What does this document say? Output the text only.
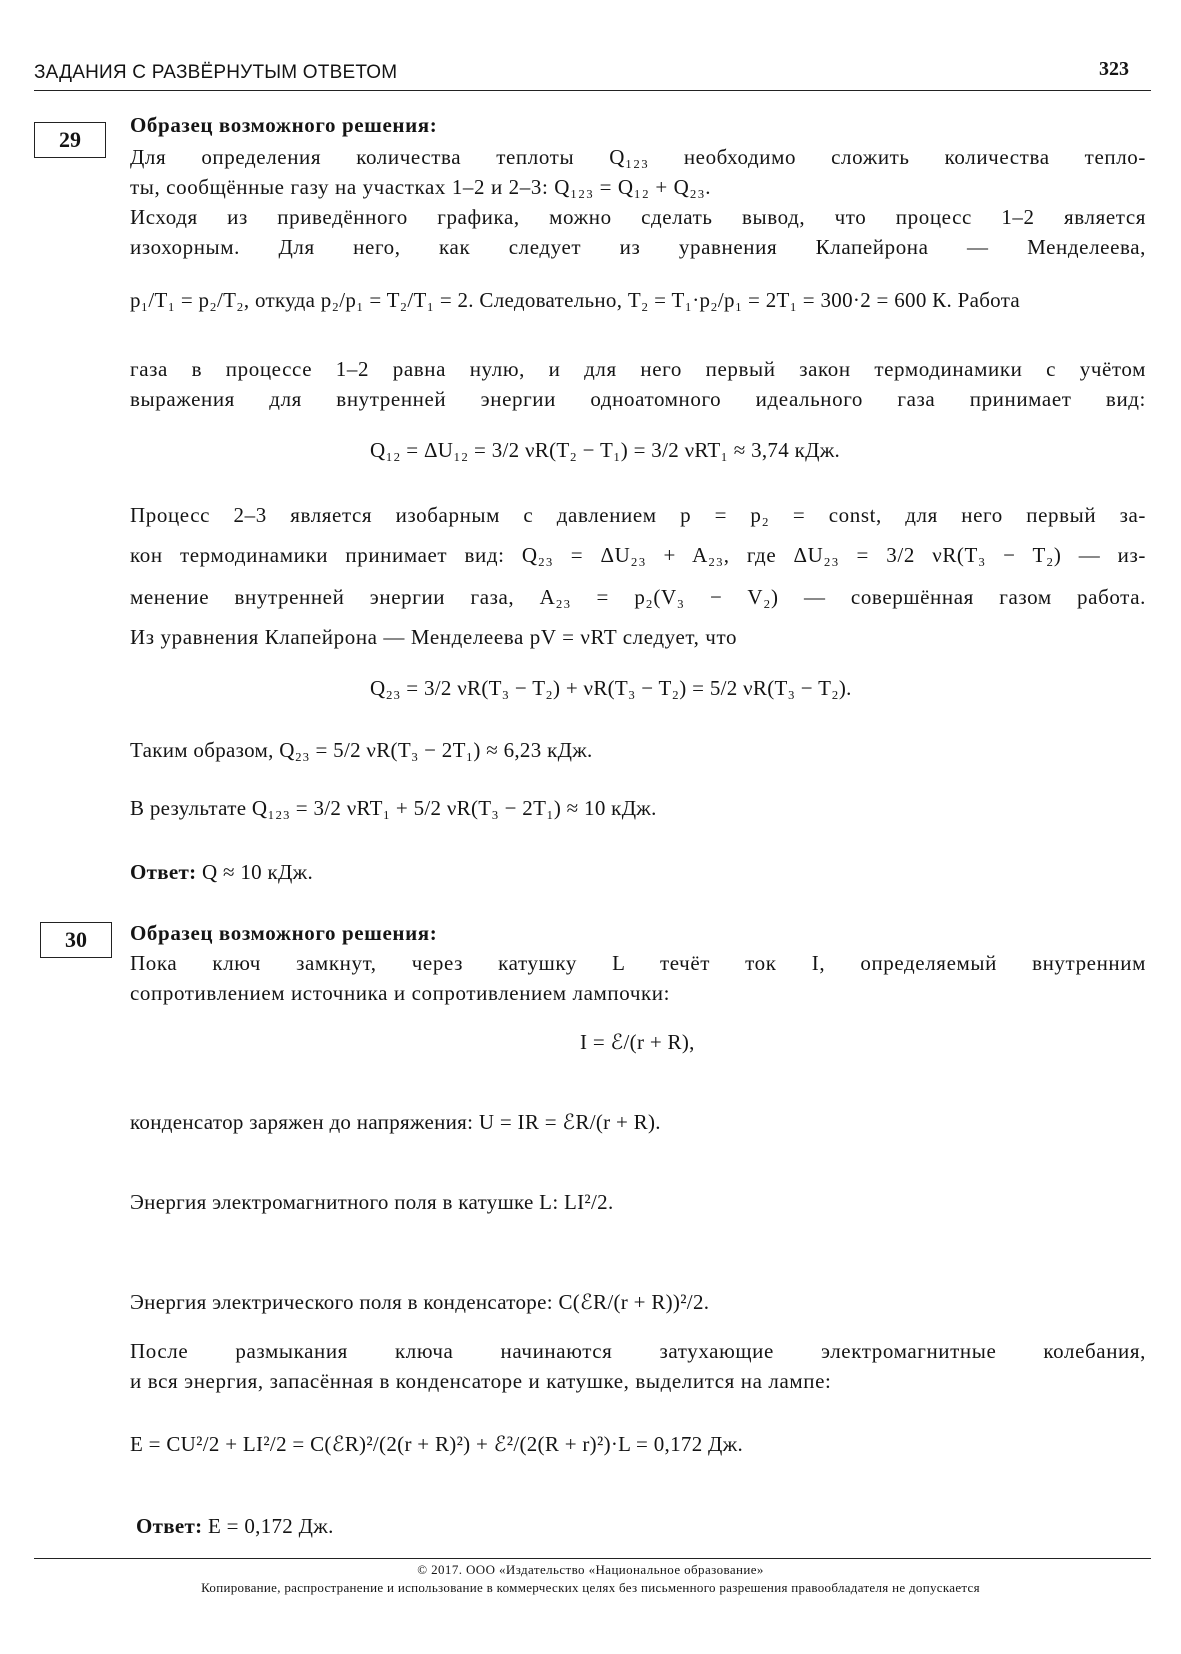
ЗАДАНИЯ С РАЗВЁРНУТЫМ ОТВЕТОМ	323
29
Образец возможного решения:
Для определения количества теплоты Q₁₂₃ необходимо сложить количества тепло-
ты, сообщённые газу на участках 1–2 и 2–3: Q₁₂₃ = Q₁₂ + Q₂₃.
Исходя из приведённого графика, можно сделать вывод, что процесс 1–2 является
изохорным. Для него, как следует из уравнения Клапейрона — Менделеева,
p₁/T₁ = p₂/T₂, откуда p₂/p₁ = T₂/T₁ = 2. Следовательно, T₂ = T₁·p₂/p₁ = 2T₁ = 300·2 = 600 К. Работа
газа в процессе 1–2 равна нулю, и для него первый закон термодинамики с учётом
выражения для внутренней энергии одноатомного идеального газа принимает вид:
Q₁₂ = ΔU₁₂ = 3/2 νR(T₂ − T₁) = 3/2 νRT₁ ≈ 3,74 кДж.
Процесс 2–3 является изобарным с давлением p = p₂ = const, для него первый за-
кон термодинамики принимает вид: Q₂₃ = ΔU₂₃ + A₂₃, где ΔU₂₃ = 3/2 νR(T₃ − T₂) — из-
менение внутренней энергии газа, A₂₃ = p₂(V₃ − V₂) — совершённая газом работа.
Из уравнения Клапейрона — Менделеева pV = νRT следует, что
Q₂₃ = 3/2 νR(T₃ − T₂) + νR(T₃ − T₂) = 5/2 νR(T₃ − T₂).
Таким образом, Q₂₃ = 5/2 νR(T₃ − 2T₁) ≈ 6,23 кДж.
В результате Q₁₂₃ = 3/2 νRT₁ + 5/2 νR(T₃ − 2T₁) ≈ 10 кДж.
Ответ: Q ≈ 10 кДж.
30	Образец возможного решения:
Пока ключ замкнут, через катушку L течёт ток I, определяемый внутренним
сопротивлением источника и сопротивлением лампочки:
I = ℰ/(r + R),
конденсатор заряжен до напряжения: U = IR = ℰR/(r + R).
Энергия электромагнитного поля в катушке L: LI²/2.
Энергия электрического поля в конденсаторе: C(ℰR/(r + R))²/2.
После размыкания ключа начинаются затухающие электромагнитные колебания,
и вся энергия, запасённая в конденсаторе и катушке, выделится на лампе:
E = CU²/2 + LI²/2 = C(ℰR)²/(2(r + R)²) + ℰ²/(2(R + r)²)·L = 0,172 Дж.
Ответ: E = 0,172 Дж.
© 2017. ООО «Издательство «Национальное образование»
Копирование, распространение и использование в коммерческих целях без письменного разрешения правообладателя не допускается
